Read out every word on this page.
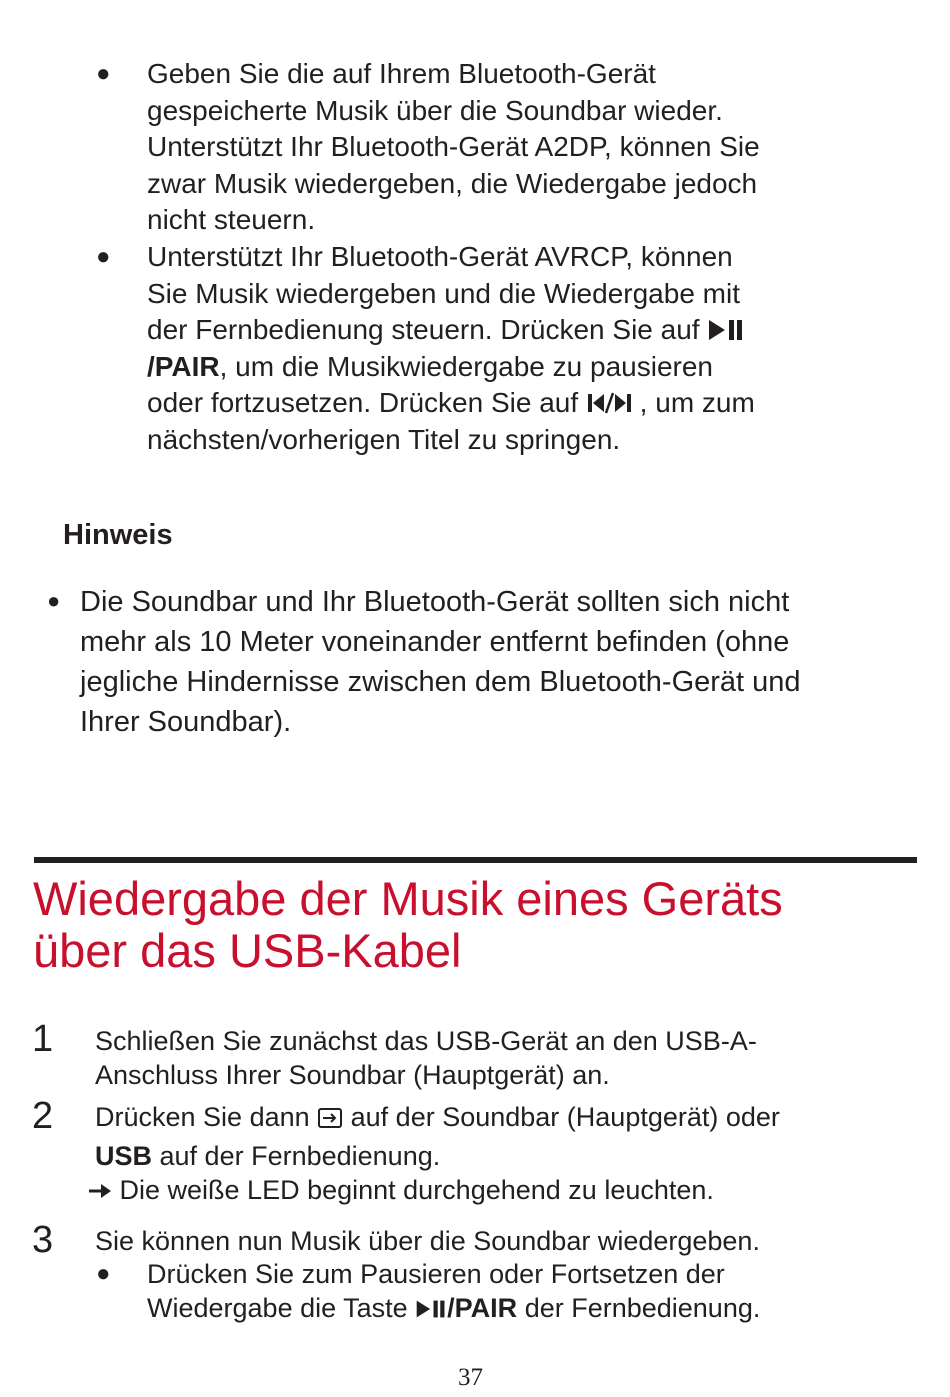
● Geben Sie die auf Ihrem Bluetooth-Gerät

gespeicherte Musik über die Soundbar wieder.

Unterstützt Ihr Bluetooth-Gerät A2DP, können Sie

zwar Musik wiedergeben, die Wiedergabe jedoch

nicht steuern.

● Unterstützt Ihr Bluetooth-Gerät AVRCP, können

Sie Musik wiedergeben und die Wiedergabe mit

der Fernbedienung steuern. Drücken Sie auf

/PAIR, um die Musikwiedergabe zu pausieren

oder fortzusetzen. Drücken Sie auf  , um zum

nächsten/vorherigen Titel zu springen.

Hinweis
● Die Soundbar und Ihr Bluetooth-Gerät sollten sich nicht

mehr als 10 Meter voneinander entfernt befinden (ohne

jegliche Hindernisse zwischen dem Bluetooth-Gerät und

Ihrer Soundbar).

Wiedergabe der Musik eines Geräts

über das USB-Kabel

1 Schließen Sie zunächst das USB-Gerät an den USB-A-

Anschluss Ihrer Soundbar (Hauptgerät) an.

2 Drücken Sie dann  auf der Soundbar (Hauptgerät) oder

USB auf der Fernbedienung.

Die weiße LED beginnt durchgehend zu leuchten.

3 Sie können nun Musik über die Soundbar wiedergeben.

● Drücken Sie zum Pausieren oder Fortsetzen der

Wiedergabe die Taste /PAIR der Fernbedienung.

37
